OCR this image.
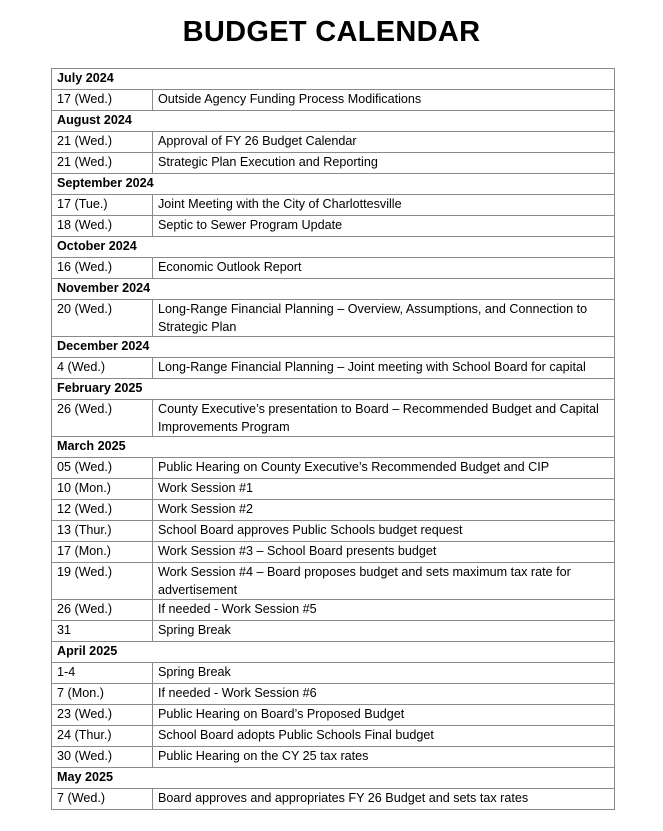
BUDGET CALENDAR
July 2024	
17 (Wed.)	Outside Agency Funding Process Modifications
August 2024	
21 (Wed.)	Approval of FY 26 Budget Calendar
21 (Wed.)	Strategic Plan Execution and Reporting
September 2024	
17 (Tue.)	Joint Meeting with the City of Charlottesville
18 (Wed.)	Septic to Sewer Program Update
October 2024	
16 (Wed.)	Economic Outlook Report
November 2024	
20 (Wed.)	Long-Range Financial Planning – Overview, Assumptions, and Connection to Strategic Plan
December 2024	
4 (Wed.)	Long-Range Financial Planning – Joint meeting with School Board for capital
February 2025	
26 (Wed.)	County Executive’s presentation to Board – Recommended Budget and Capital Improvements Program
March 2025	
05 (Wed.)	Public Hearing on County Executive’s Recommended Budget and CIP
10 (Mon.)	Work Session #1
12 (Wed.)	Work Session #2
13 (Thur.)	School Board approves Public Schools budget request
17 (Mon.)	Work Session #3 – School Board presents budget
19 (Wed.)	Work Session #4 – Board proposes budget and sets maximum tax rate for advertisement
26 (Wed.)	If needed - Work Session #5
31	Spring Break
April 2025	
1-4	Spring Break
7 (Mon.)	If needed - Work Session #6
23 (Wed.)	Public Hearing on Board’s Proposed Budget
24 (Thur.)	School Board adopts Public Schools Final budget
30 (Wed.)	Public Hearing on the CY 25 tax rates
May 2025	
7 (Wed.)	Board approves and appropriates FY 26 Budget and sets tax rates
